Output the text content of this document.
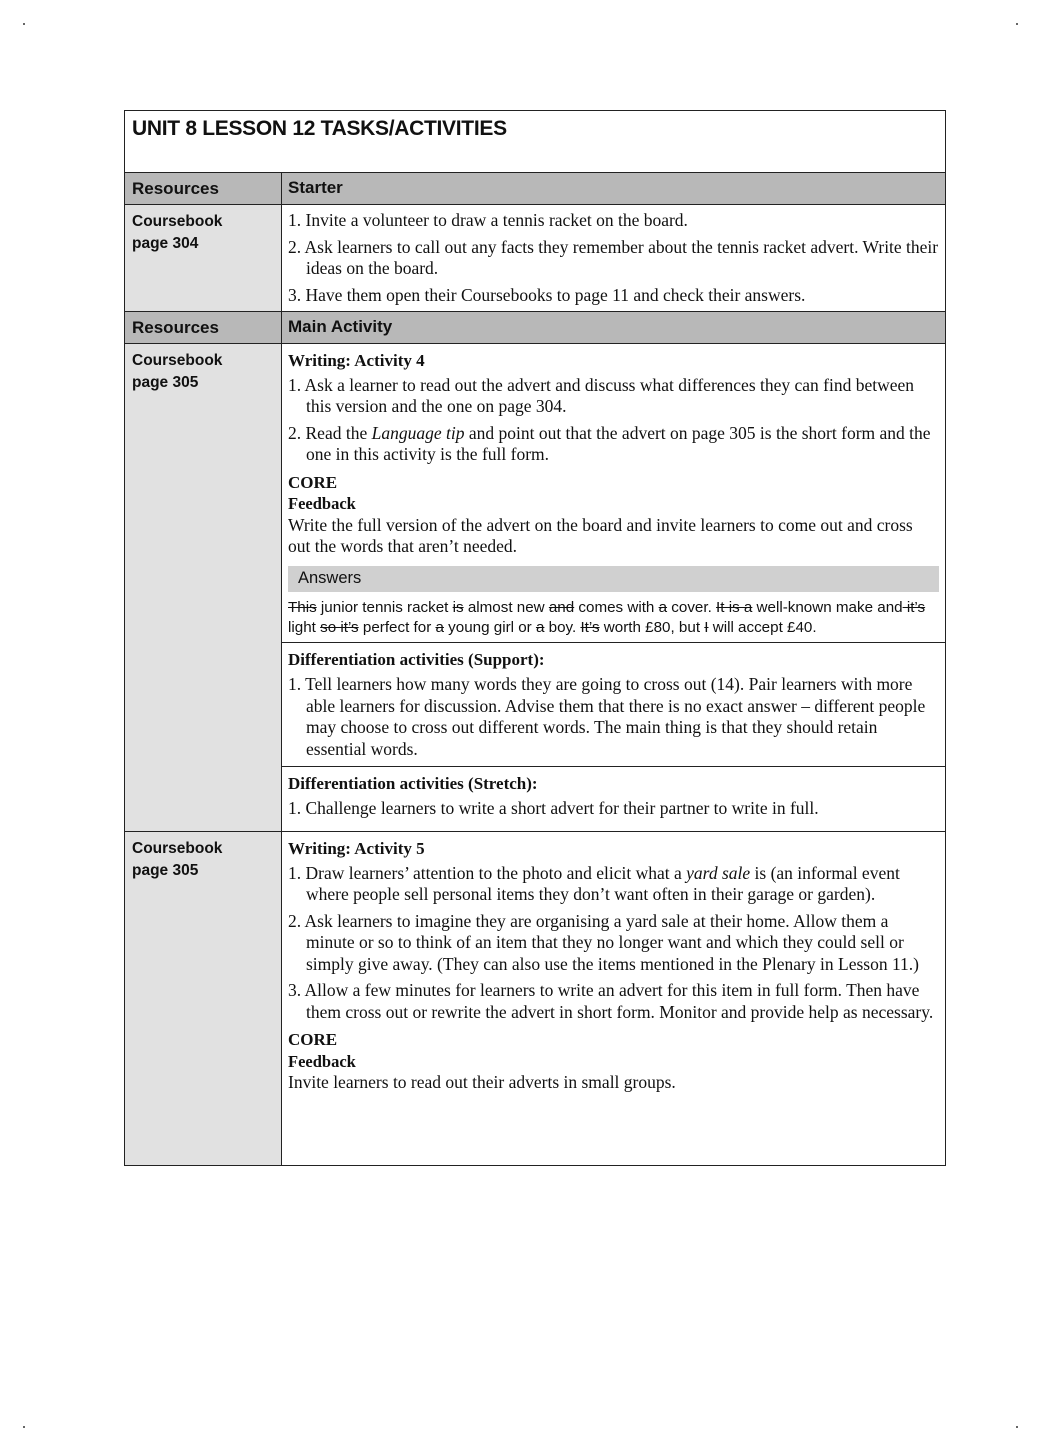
UNIT 8 LESSON 12 TASKS/ACTIVITIES
Resources	Starter
Coursebook
page 304
1. Invite a volunteer to draw a tennis racket on the board.
2. Ask learners to call out any facts they remember about the tennis racket advert. Write their ideas on the board.
3. Have them open their Coursebooks to page 11 and check their answers.
Resources	Main Activity
Coursebook
page 305
Writing: Activity 4
1. Ask a learner to read out the advert and discuss what differences they can find between this version and the one on page 304.
2. Read the Language tip and point out that the advert on page 305 is the short form and the one in this activity is the full form.
CORE
Feedback
Write the full version of the advert on the board and invite learners to come out and cross out the words that aren’t needed.
Answers
This junior tennis racket is almost new and comes with a cover. It is a well-known make and it’s light so it’s perfect for a young girl or a boy. It’s worth £80, but I will accept £40.
Differentiation activities (Support):
1. Tell learners how many words they are going to cross out (14). Pair learners with more able learners for discussion. Advise them that there is no exact answer – different people may choose to cross out different words. The main thing is that they should retain essential words.
Differentiation activities (Stretch):
1. Challenge learners to write a short advert for their partner to write in full.
Coursebook
page 305
Writing: Activity 5
1. Draw learners’ attention to the photo and elicit what a yard sale is (an informal event where people sell personal items they don’t want often in their garage or garden).
2. Ask learners to imagine they are organising a yard sale at their home. Allow them a minute or so to think of an item that they no longer want and which they could sell or simply give away. (They can also use the items mentioned in the Plenary in Lesson 11.)
3. Allow a few minutes for learners to write an advert for this item in full form. Then have them cross out or rewrite the advert in short form. Monitor and provide help as necessary.
CORE
Feedback
Invite learners to read out their adverts in small groups.
